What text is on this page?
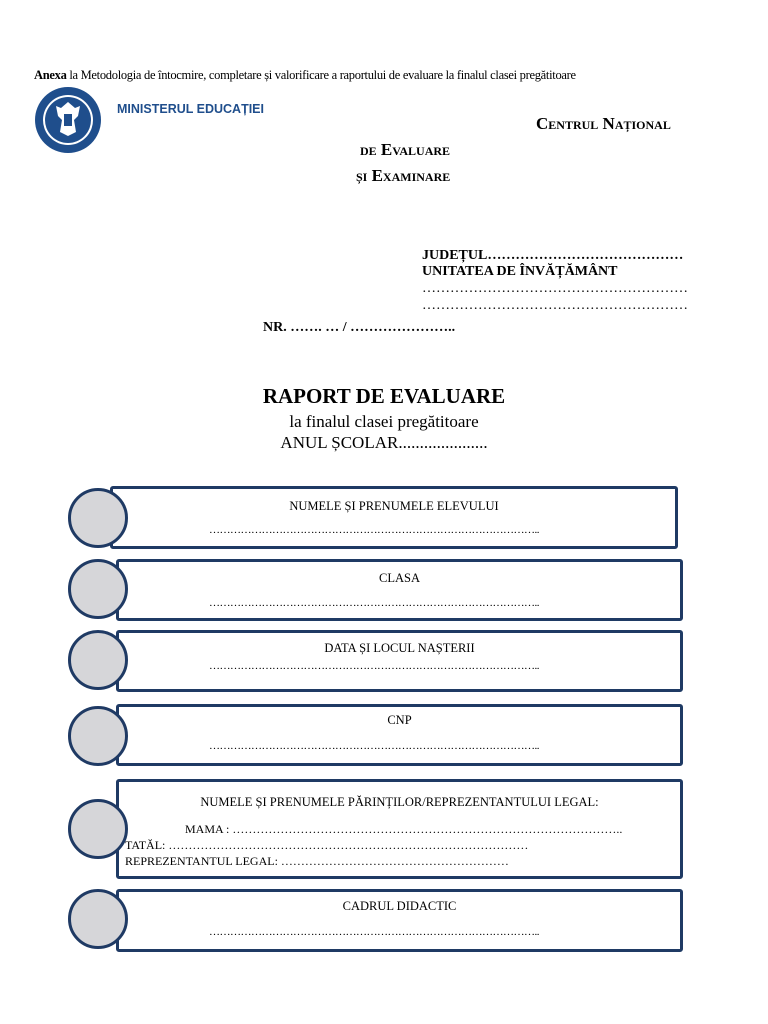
Anexa la Metodologia de întocmire, completare și valorificare a raportului de evaluare la finalul clasei pregătitoare
MINISTERUL EDUCAȚIEI
Centrul Național
de Evaluare
și Examinare
JUDEȚUL……………………………………
UNITATEA DE ÎNVĂȚĂMÂNT
…………………………………………………
…………………………………………………
NR. ……. … / …………………..
RAPORT DE EVALUARE
la finalul clasei pregătitoare
ANUL ȘCOLAR.....................
NUMELE ȘI PRENUMELE ELEVULUI
…………………………………………………………………………………..
CLASA
…………………………………………………………………………………..
DATA ȘI LOCUL NAȘTERII
…………………………………………………………………………………..
CNP
…………………………………………………………………………………..
NUMELE ȘI PRENUMELE PĂRINȚILOR/REPREZENTANTULUI LEGAL:
MAMA : ……………………………………………………………………………………..
TATĂL: ………………………………………………………………………………
REPREZENTANTUL LEGAL: …………………………………………………
CADRUL DIDACTIC
…………………………………………………………………………………..
